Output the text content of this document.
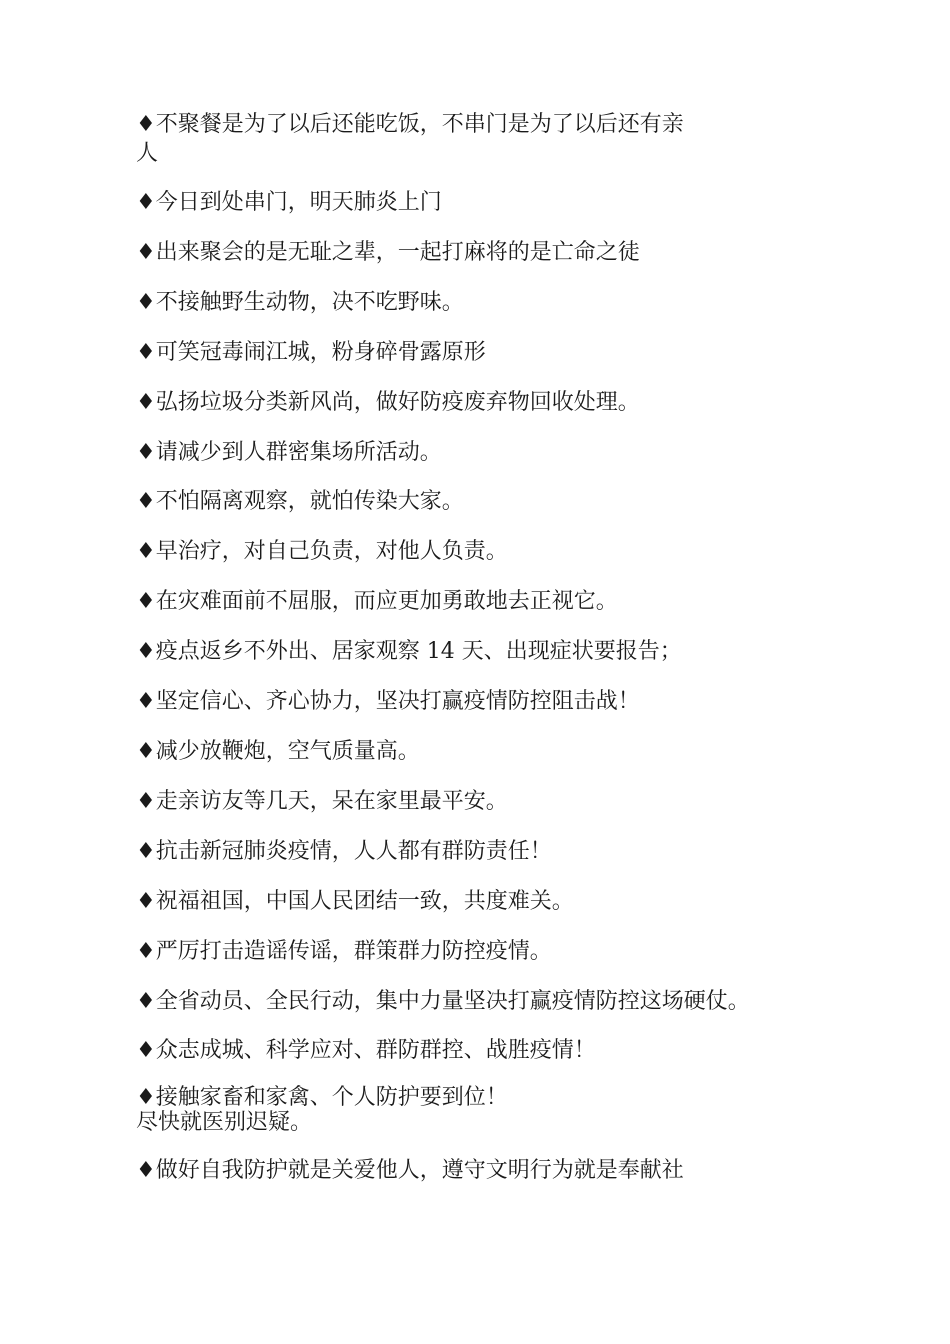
♦不聚餐是为了以后还能吃饭，不串门是为了以后还有亲

人

♦今日到处串门，明天肺炎上门

♦出来聚会的是无耻之辈，一起打麻将的是亡命之徒

♦不接触野生动物，决不吃野味。

♦可笑冠毒闹江城，粉身碎骨露原形

♦弘扬垃圾分类新风尚，做好防疫废弃物回收处理。

♦请减少到人群密集场所活动。

♦不怕隔离观察，就怕传染大家。

♦早治疗，对自己负责，对他人负责。

♦在灾难面前不屈服，而应更加勇敢地去正视它。

♦疫点返乡不外出、居家观察 14 天、出现症状要报告；

♦坚定信心、齐心协力，坚决打赢疫情防控阻击战！

♦减少放鞭炮，空气质量高。

♦走亲访友等几天，呆在家里最平安。

♦抗击新冠肺炎疫情，人人都有群防责任！

♦祝福祖国，中国人民团结一致，共度难关。

♦严厉打击造谣传谣，群策群力防控疫情。

♦全省动员、全民行动，集中力量坚决打赢疫情防控这场硬仗。

♦众志成城、科学应对、群防群控、战胜疫情！

♦接触家畜和家禽、个人防护要到位！

尽快就医别迟疑。

♦做好自我防护就是关爱他人，遵守文明行为就是奉献社
